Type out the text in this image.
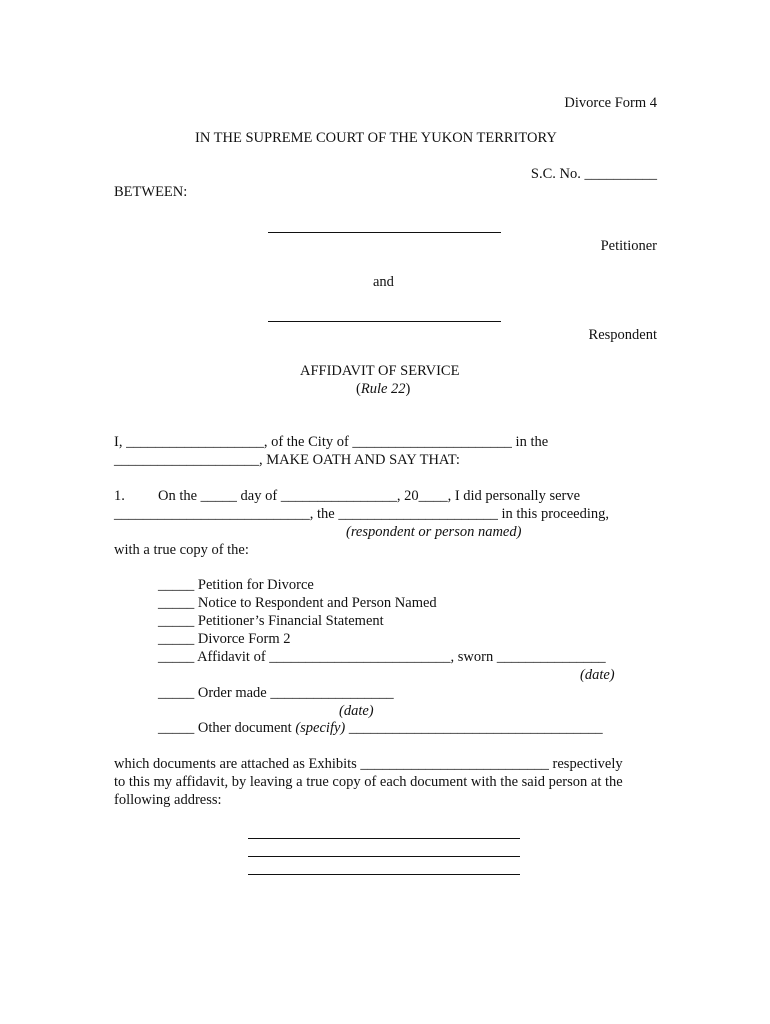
Divorce Form 4
IN THE SUPREME COURT OF THE YUKON TERRITORY
S.C. No. __________
BETWEEN:
Petitioner
and
Respondent
AFFIDAVIT OF SERVICE
(Rule 22)
I, ___________________, of the City of ______________________ in the
____________________, MAKE OATH AND SAY THAT:
1. On the _____ day of ________________, 20____, I did personally serve
___________________________, the ______________________ in this proceeding,
(respondent or person named)
with a true copy of the:
_____ Petition for Divorce
_____ Notice to Respondent and Person Named
_____ Petitioner’s Financial Statement
_____ Divorce Form 2
_____ Affidavit of _________________________, sworn _______________
(date)
_____ Order made _________________
(date)
_____ Other document (specify) ___________________________________
which documents are attached as Exhibits __________________________ respectively
to this my affidavit, by leaving a true copy of each document with the said person at the
following address:
